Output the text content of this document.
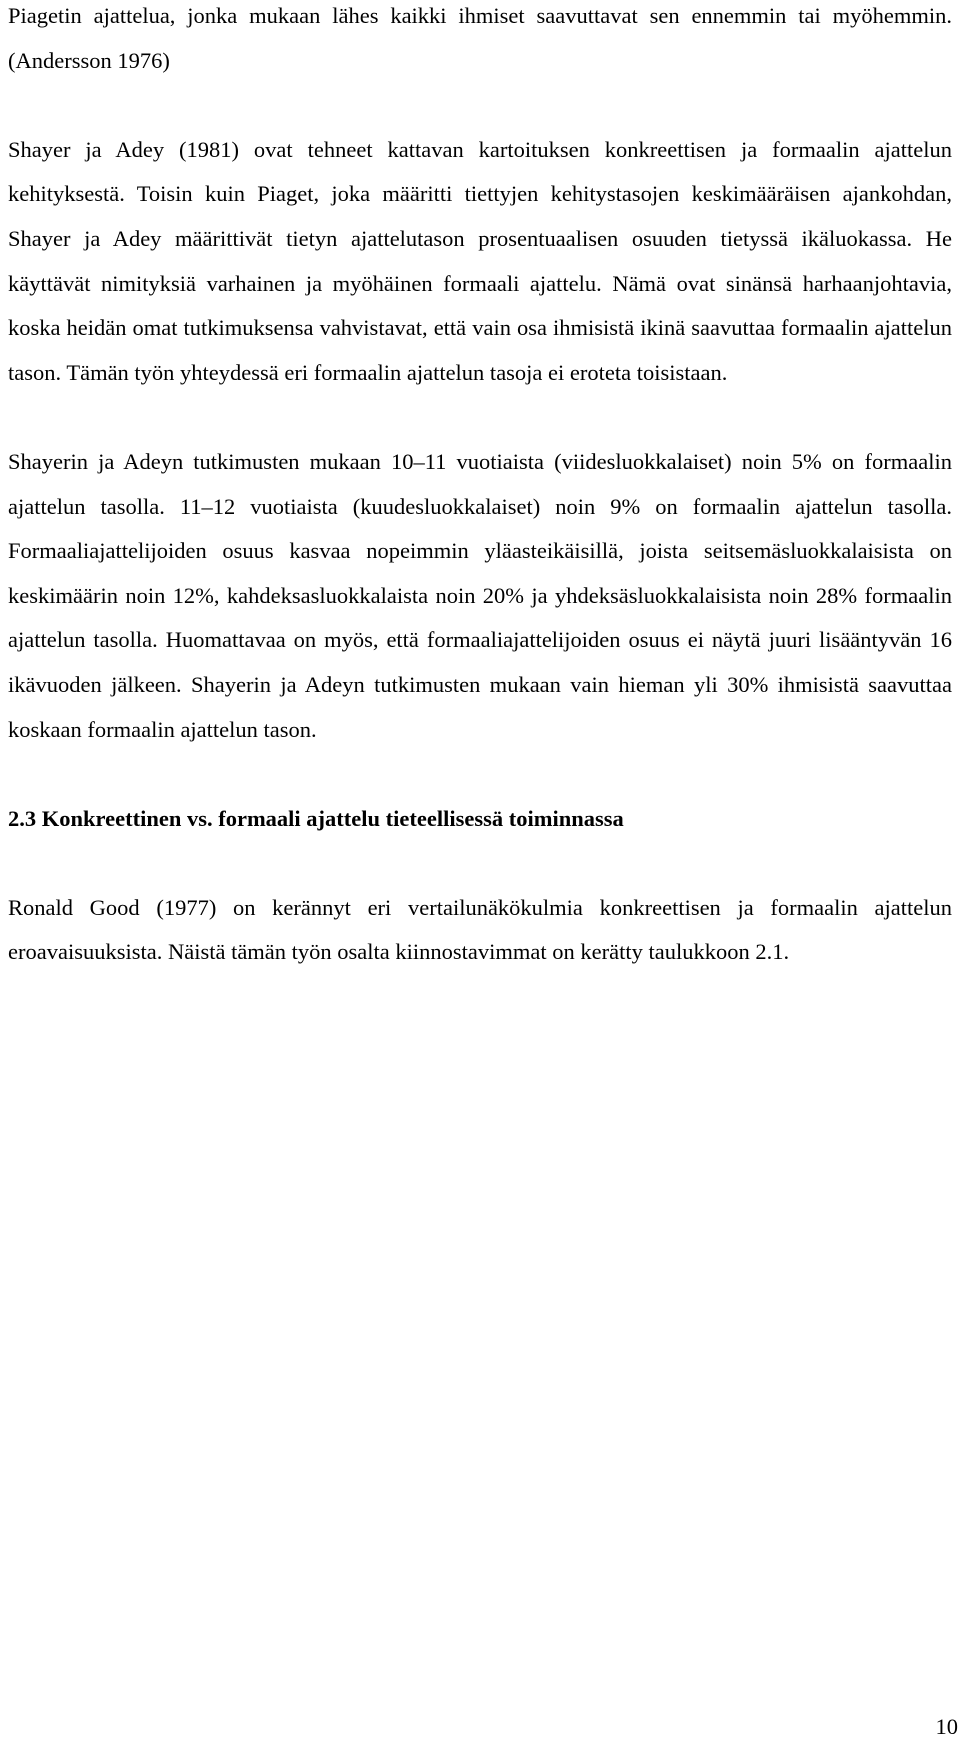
Piagetin ajattelua, jonka mukaan lähes kaikki ihmiset saavuttavat sen ennemmin tai myöhemmin. (Andersson 1976)

Shayer ja Adey (1981) ovat tehneet kattavan kartoituksen konkreettisen ja formaalin ajattelun kehityksestä. Toisin kuin Piaget, joka määritti tiettyjen kehitystasojen keskimääräisen ajankohdan, Shayer ja Adey määrittivät tietyn ajattelutason prosentuaalisen osuuden tietyssä ikäluokassa. He käyttävät nimityksiä varhainen ja myöhäinen formaali ajattelu. Nämä ovat sinänsä harhaanjohtavia, koska heidän omat tutkimuksensa vahvistavat, että vain osa ihmisistä ikinä saavuttaa formaalin ajattelun tason. Tämän työn yhteydessä eri formaalin ajattelun tasoja ei eroteta toisistaan.

Shayerin ja Adeyn tutkimusten mukaan 10–11 vuotiaista (viidesluokkalaiset) noin 5% on formaalin ajattelun tasolla. 11–12 vuotiaista (kuudesluokkalaiset) noin 9% on formaalin ajattelun tasolla. Formaaliajattelijoiden osuus kasvaa nopeimmin yläasteikäisillä, joista seitsemäsluokkalaisista on keskimäärin noin 12%, kahdeksasluokkalaista noin 20% ja yhdeksäsluokkalaisista noin 28% formaalin ajattelun tasolla. Huomattavaa on myös, että formaaliajattelijoiden osuus ei näytä juuri lisääntyvän 16 ikävuoden jälkeen. Shayerin ja Adeyn tutkimusten mukaan vain hieman yli 30% ihmisistä saavuttaa koskaan formaalin ajattelun tason.

2.3 Konkreettinen vs. formaali ajattelu tieteellisessä toiminnassa

Ronald Good (1977) on kerännyt eri vertailunäkökulmia konkreettisen ja formaalin ajattelun eroavaisuuksista. Näistä tämän työn osalta kiinnostavimmat on kerätty taulukkoon 2.1.

10
